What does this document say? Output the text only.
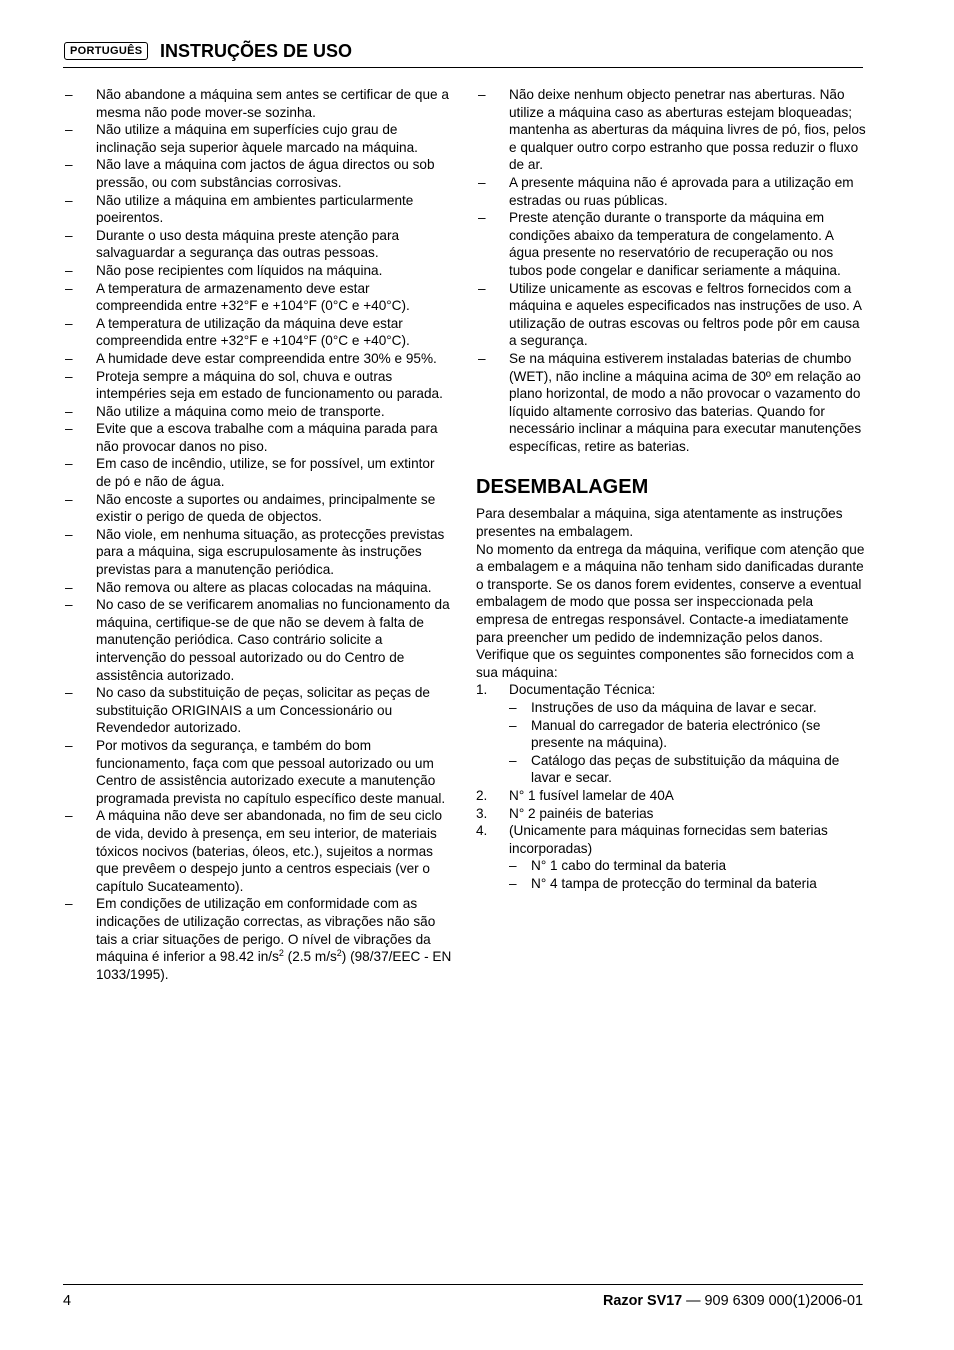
PORTUGUÊS INSTRUÇÕES DE USO
– Não abandone a máquina sem antes se certificar de que a mesma não pode mover-se sozinha.
– Não utilize a máquina em superfícies cujo grau de inclinação seja superior àquele marcado na máquina.
– Não lave a máquina com jactos de água directos ou sob pressão, ou com substâncias corrosivas.
– Não utilize a máquina em ambientes particularmente poeirentos.
– Durante o uso desta máquina preste atenção para salvaguardar a segurança das outras pessoas.
– Não pose recipientes com líquidos na máquina.
– A temperatura de armazenamento deve estar compreendida entre +32°F e +104°F (0°C e +40°C).
– A temperatura de utilização da máquina deve estar compreendida entre +32°F e +104°F (0°C e +40°C).
– A humidade deve estar compreendida entre 30% e 95%.
– Proteja sempre a máquina do sol, chuva e outras intempéries seja em estado de funcionamento ou parada.
– Não utilize a máquina como meio de transporte.
– Evite que a escova trabalhe com a máquina parada para não provocar danos no piso.
– Em caso de incêndio, utilize, se for possível, um extintor de pó e não de água.
– Não encoste a suportes ou andaimes, principalmente se existir o perigo de queda de objectos.
– Não viole, em nenhuma situação, as protecções previstas para a máquina, siga escrupulosamente às instruções previstas para a manutenção periódica.
– Não remova ou altere as placas colocadas na máquina.
– No caso de se verificarem anomalias no funcionamento da máquina, certifique-se de que não se devem à falta de manutenção periódica. Caso contrário solicite a intervenção do pessoal autorizado ou do Centro de assistência autorizado.
– No caso da substituição de peças, solicitar as peças de substituição ORIGINAIS a um Concessionário ou Revendedor autorizado.
– Por motivos da segurança, e também do bom funcionamento, faça com que pessoal autorizado ou um Centro de assistência autorizado execute a manutenção programada prevista no capítulo específico deste manual.
– A máquina não deve ser abandonada, no fim de seu ciclo de vida, devido à presença, em seu interior, de materiais tóxicos nocivos (baterias, óleos, etc.), sujeitos a normas que prevêem o despejo junto a centros especiais (ver o capítulo Sucateamento).
– Em condições de utilização em conformidade com as indicações de utilização correctas, as vibrações não são tais a criar situações de perigo. O nível de vibrações da máquina é inferior a 98.42 $in/s^2$ (2.5 $m/s^2$) (98/37/EEC - EN 1033/1995).
– Não deixe nenhum objecto penetrar nas aberturas. Não utilize a máquina caso as aberturas estejam bloqueadas; mantenha as aberturas da máquina livres de pó, fios, pelos e qualquer outro corpo estranho que possa reduzir o fluxo de ar.
– A presente máquina não é aprovada para a utilização em estradas ou ruas públicas.
– Preste atenção durante o transporte da máquina em condições abaixo da temperatura de congelamento. A água presente no reservatório de recuperação ou nos tubos pode congelar e danificar seriamente a máquina.
– Utilize unicamente as escovas e feltros fornecidos com a máquina e aqueles especificados nas instruções de uso. A utilização de outras escovas ou feltros pode pôr em causa a segurança.
– Se na máquina estiverem instaladas baterias de chumbo (WET), não incline a máquina acima de 30º em relação ao plano horizontal, de modo a não provocar o vazamento do líquido altamente corrosivo das baterias. Quando for necessário inclinar a máquina para executar manutenções específicas, retire as baterias.
DESEMBALAGEM

Para desembalar a máquina, siga atentamente as instruções presentes na embalagem.

No momento da entrega da máquina, verifique com atenção que a embalagem e a máquina não tenham sido danificadas durante o transporte. Se os danos forem evidentes, conserve a eventual embalagem de modo que possa ser inspeccionada pela empresa de entregas responsável. Contacte-a imediatamente para preencher um pedido de indemnização pelos danos.

Verifique que os seguintes componentes são fornecidos com a sua máquina:

1. Documentação Técnica:
– Instruções de uso da máquina de lavar e secar.
– Manual do carregador de bateria electrónico (se presente na máquina).
– Catálogo das peças de substituição da máquina de lavar e secar.
2. N° 1 fusível lamelar de 40A
3. N° 2 painéis de baterias
4. (Unicamente para máquinas fornecidas sem baterias incorporadas)
– N° 1 cabo do terminal da bateria
– N° 4 tampa de protecção do terminal da bateria
4	Razor SV17 — 909 6309 000(1)2006-01
